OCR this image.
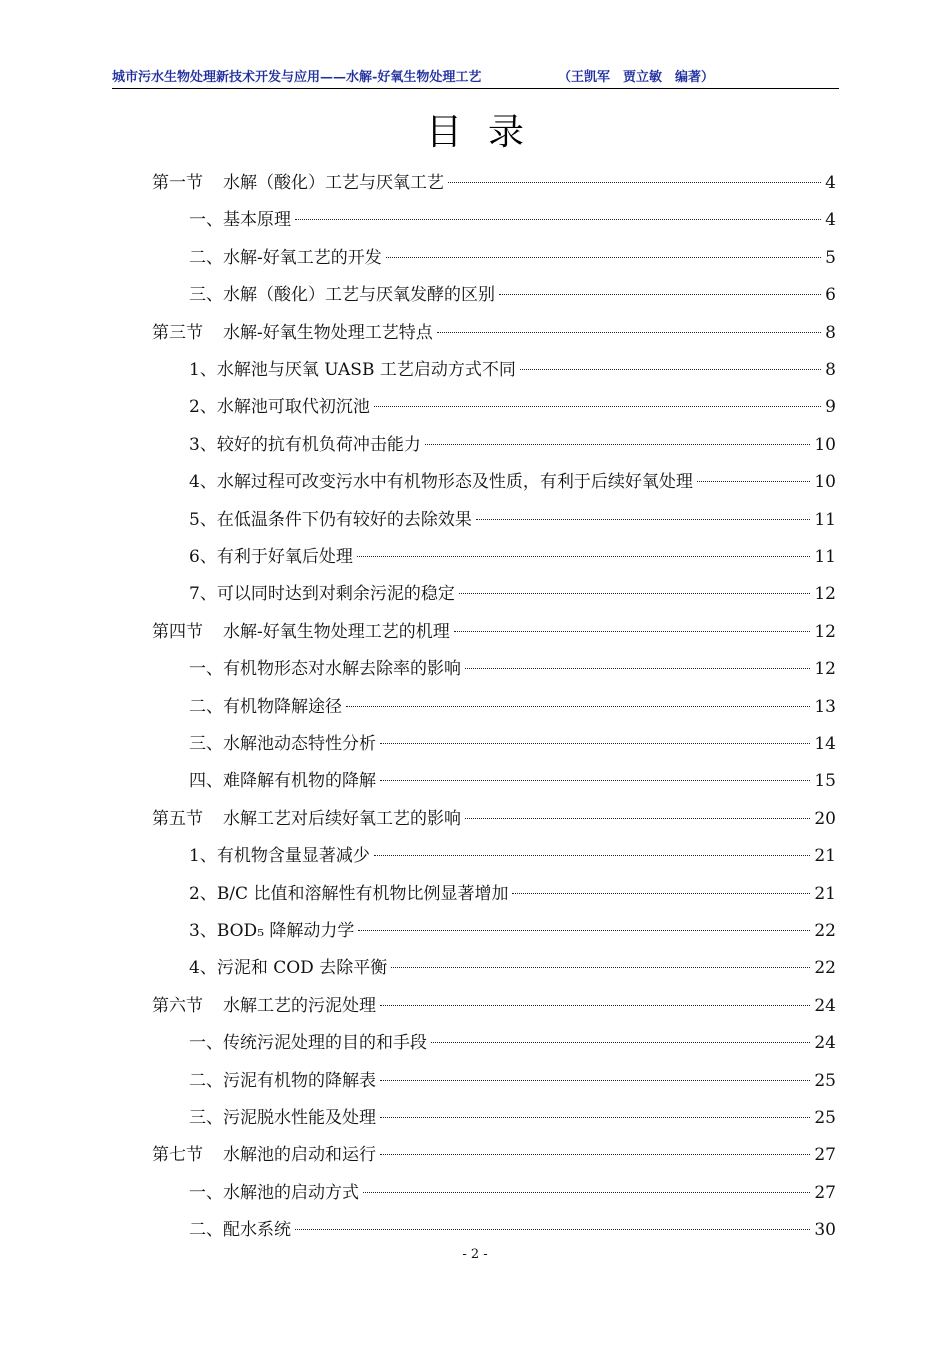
城市污水生物处理新技术开发与应用——水解-好氧生物处理工艺	（王凯军　贾立敏　编著）
目录
第一节 水解（酸化）工艺与厌氧工艺	4
一、基本原理	4
二、水解-好氧工艺的开发	5
三、水解（酸化）工艺与厌氧发酵的区别	6
第三节 水解-好氧生物处理工艺特点	8
1、水解池与厌氧 UASB 工艺启动方式不同	8
2、水解池可取代初沉池	9
3、较好的抗有机负荷冲击能力	10
4、水解过程可改变污水中有机物形态及性质，有利于后续好氧处理	10
5、在低温条件下仍有较好的去除效果	11
6、有利于好氧后处理	11
7、可以同时达到对剩余污泥的稳定	12
第四节 水解-好氧生物处理工艺的机理	12
一、有机物形态对水解去除率的影响	12
二、有机物降解途径	13
三、水解池动态特性分析	14
四、难降解有机物的降解	15
第五节 水解工艺对后续好氧工艺的影响	20
1、有机物含量显著减少	21
2、B/C 比值和溶解性有机物比例显著增加	21
3、BOD₅ 降解动力学	22
4、污泥和 COD 去除平衡	22
第六节 水解工艺的污泥处理	24
一、传统污泥处理的目的和手段	24
二、污泥有机物的降解表	25
三、污泥脱水性能及处理	25
第七节 水解池的启动和运行	27
一、水解池的启动方式	27
二、配水系统	30
- 2 -
